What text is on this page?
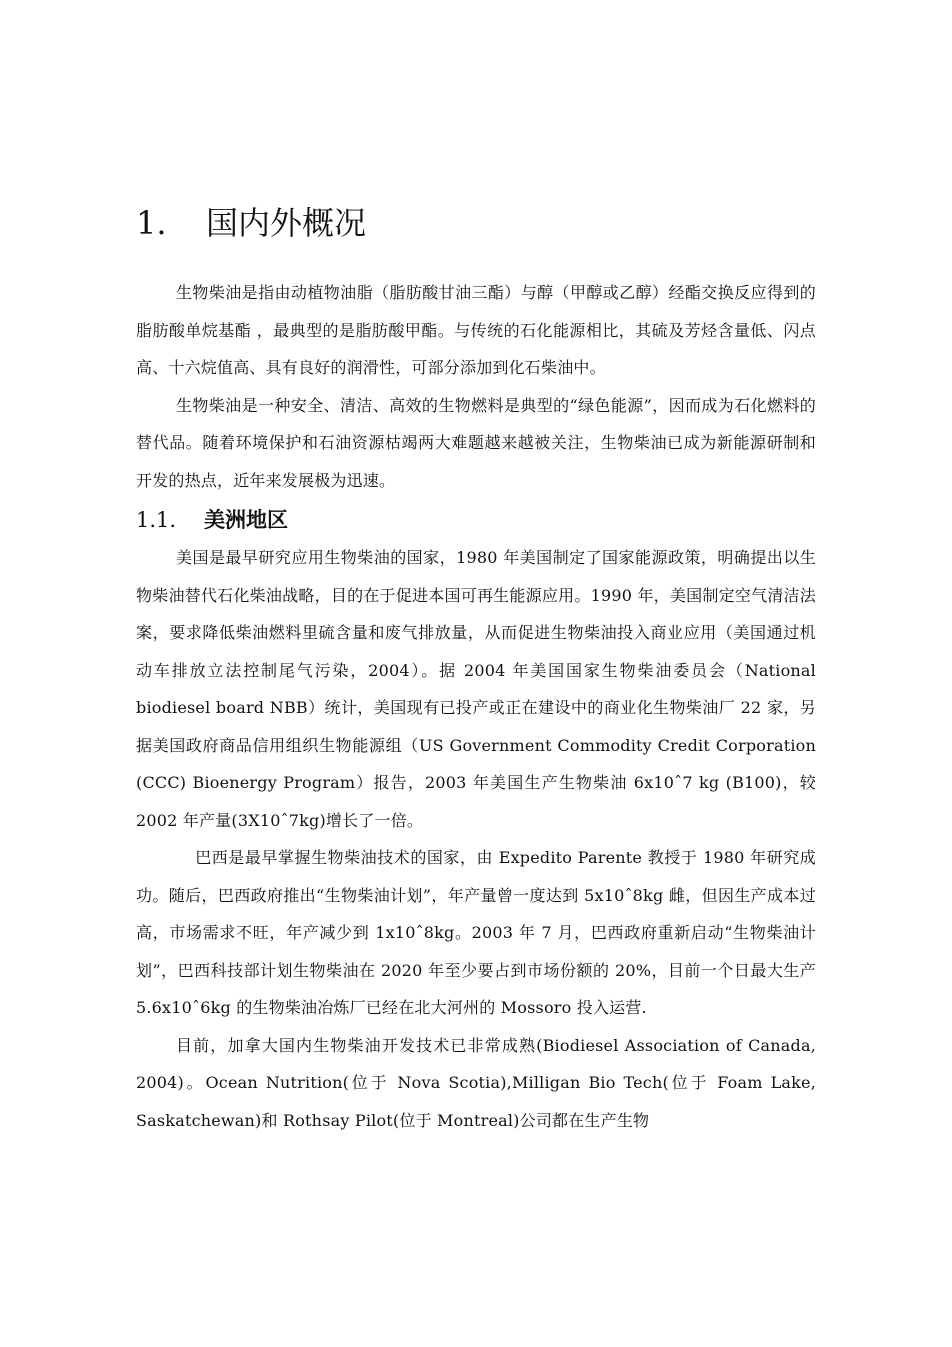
1.	国内外概况

生物柴油是指由动植物油脂（脂肪酸甘油三酯）与醇（甲醇或乙醇）经酯交换反应得到的脂肪酸单烷基酯 ，最典型的是脂肪酸甲酯。与传统的石化能源相比，其硫及芳烃含量低、闪点高、十六烷值高、具有良好的润滑性，可部分添加到化石柴油中。

生物柴油是一种安全、清洁、高效的生物燃料是典型的“绿色能源”，因而成为石化燃料的替代品。随着环境保护和石油资源枯竭两大难题越来越被关注，生物柴油已成为新能源研制和开发的热点，近年来发展极为迅速。

1.1.	美洲地区

美国是最早研究应用生物柴油的国家，1980 年美国制定了国家能源政策，明确提出以生物柴油替代石化柴油战略，目的在于促进本国可再生能源应用。1990 年，美国制定空气清洁法案，要求降低柴油燃料里硫含量和废气排放量，从而促进生物柴油投入商业应用（美国通过机动车排放立法控制尾气污染，2004）。据 2004 年美国国家生物柴油委员会（National biodiesel board NBB）统计，美国现有已投产或正在建设中的商业化生物柴油厂 22 家，另据美国政府商品信用组织生物能源组（US Government Commodity Credit Corporation (CCC) Bioenergy Program）报告，2003 年美国生产生物柴油 6x10ˆ7 kg (B100)，较 2002 年产量(3X10ˆ7kg)增长了一倍。

巴西是最早掌握生物柴油技术的国家，由 Expedito Parente 教授于 1980 年研究成功。随后，巴西政府推出“生物柴油计划”，年产量曾一度达到 5x10ˆ8kg 雌，但因生产成本过高，市场需求不旺，年产减少到 1x10ˆ8kg。2003 年 7 月，巴西政府重新启动“生物柴油计划”，巴西科技部计划生物柴油在 2020 年至少要占到市场份额的 20%，目前一个日最大生产 5.6x10ˆ6kg 的生物柴油冶炼厂已经在北大河州的 Mossoro 投入运营.

目前，加拿大国内生物柴油开发技术已非常成熟(Biodiesel Association of Canada, 2004)。Ocean Nutrition(位于 Nova Scotia),Milligan Bio Tech(位于 Foam Lake, Saskatchewan)和 Rothsay Pilot(位于 Montreal)公司都在生产生物
